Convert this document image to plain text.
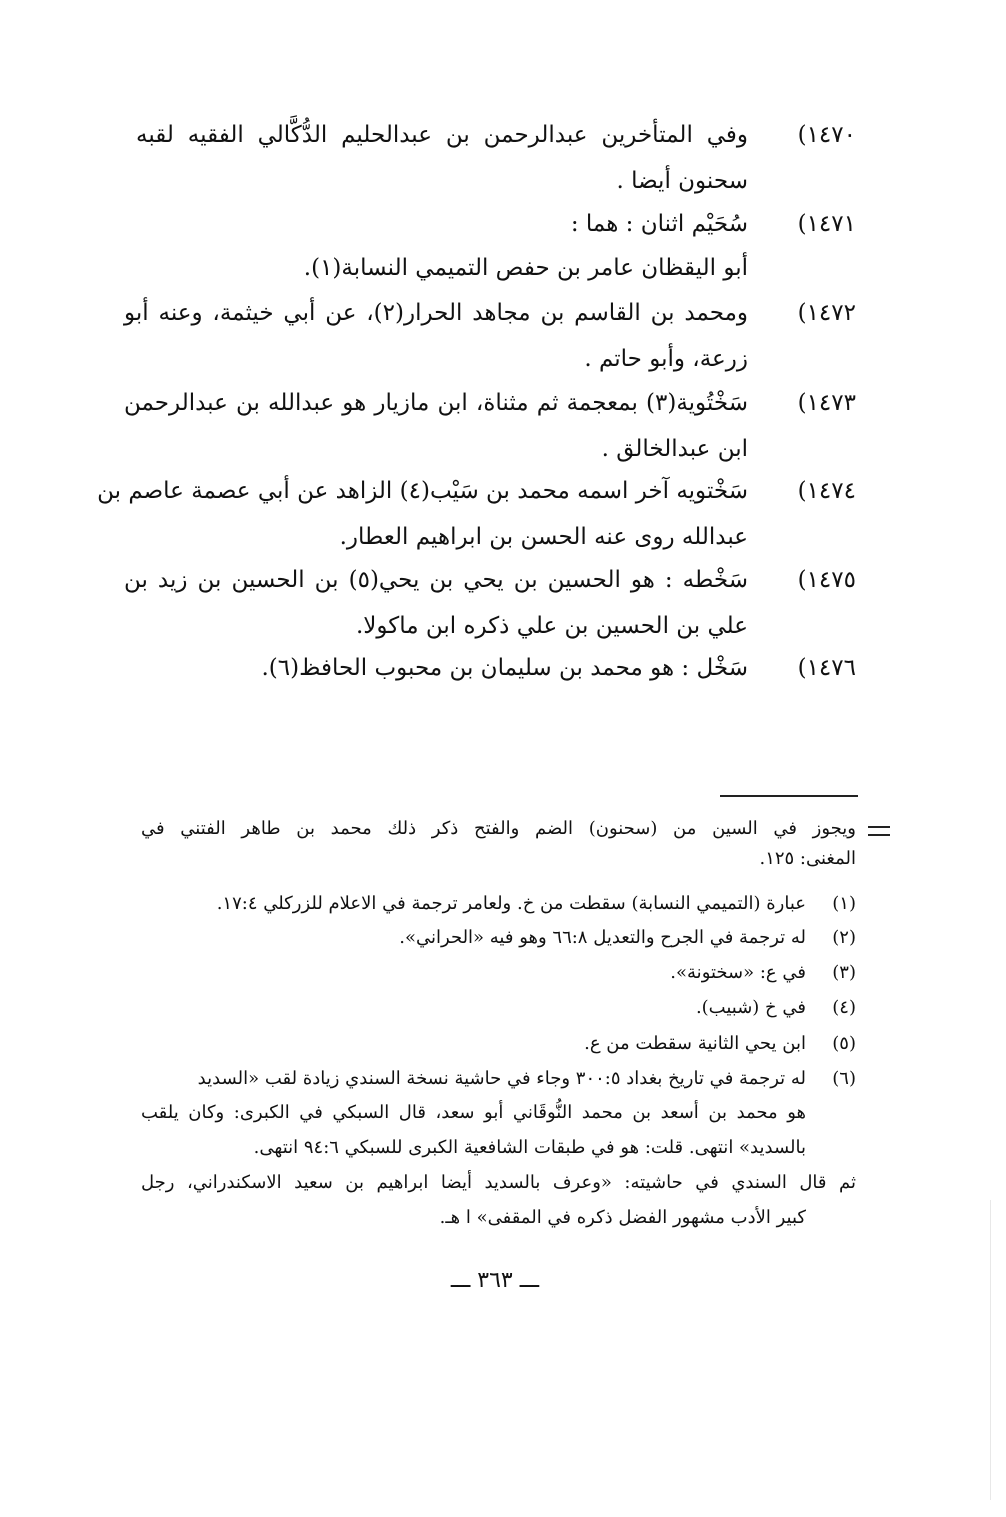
١٤٧٠)
وفي المتأخرين عبدالرحمن بن عبدالحليم الدُّكَّالي الفقيه لقبه
سحنون أيضا .
١٤٧١)
سُحَيْم اثنان : هما :
أبو اليقظان عامر بن حفص التميمي النسابة(١).
١٤٧٢)
ومحمد بن القاسم بن مجاهد الحرار(٢)، عن أبي خيثمة، وعنه أبو
زرعة، وأبو حاتم .
١٤٧٣)
سَخْتُوية(٣) بمعجمة ثم مثناة، ابن مازيار هو عبدالله بن عبدالرحمن
ابن عبدالخالق .
١٤٧٤)
سَخْتويه آخر اسمه محمد بن سَيْب(٤) الزاهد عن أبي عصمة عاصم بن
عبدالله روى عنه الحسن بن ابراهيم العطار.
١٤٧٥)
سَخْطه : هو الحسين بن يحي بن يحي(٥) بن الحسين بن زيد بن
علي بن الحسين بن علي ذكره ابن ماكولا.
١٤٧٦)
سَخْل : هو محمد بن سليمان بن محبوب الحافظ(٦).
ويجوز في السين من (سحنون) الضم والفتح ذكر ذلك محمد بن طاهر الفتني في
المغنى: ١٢٥.
(١)
عبارة (التميمي النسابة) سقطت من خ. ولعامر ترجمة في الاعلام للزركلي ١٧:٤.
(٢)
له ترجمة في الجرح والتعديل ٦٦:٨ وهو فيه «الحراني».
(٣)
في ع: «سختونة».
(٤)
في خ (شبيب).
(٥)
ابن يحي الثانية سقطت من ع.
(٦)
له ترجمة في تاريخ بغداد ٣٠٠:٥ وجاء في حاشية نسخة السندي زيادة لقب «السديد
هو محمد بن أسعد بن محمد النُّوقَاني أبو سعد، قال السبكي في الكبرى: وكان يلقب
بالسديد» انتهى. قلت: هو في طبقات الشافعية الكبرى للسبكي ٩٤:٦ انتهى.
ثم قال السندي في حاشيته: «وعرف بالسديد أيضا ابراهيم بن سعيد الاسكندراني، رجل
كبير الأدب مشهور الفضل ذكره في المقفى» ا هـ.
ـــ ٣٦٣ ـــ
